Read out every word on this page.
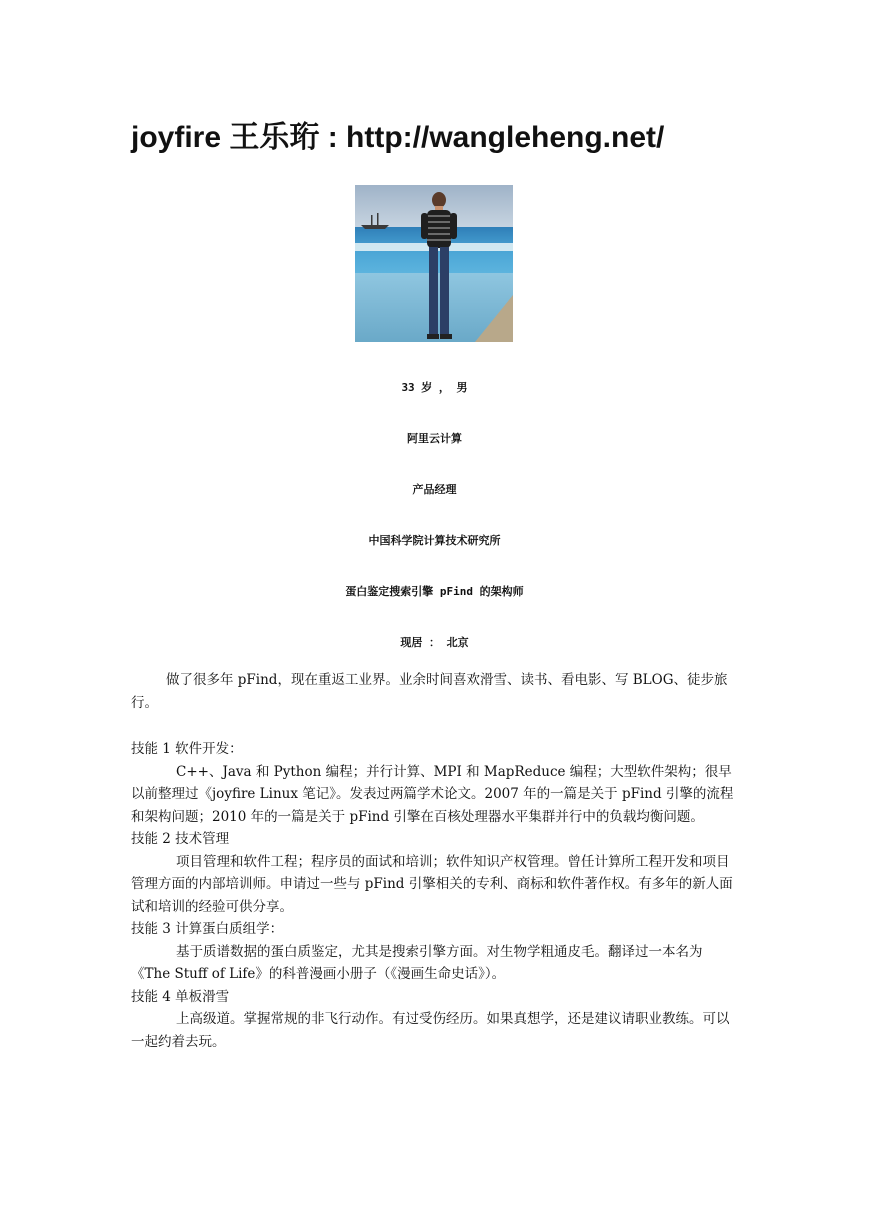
joyfire 王乐珩 : http://wangleheng.net/
33 岁 ， 男
阿里云计算
产品经理
中国科学院计算技术研究所
蛋白鉴定搜索引擎 pFind 的架构师
现居 ： 北京

做了很多年 pFind，现在重返工业界。业余时间喜欢滑雪、读书、看电影、写 BLOG、徒步旅行。

技能 1 软件开发：

C++、Java 和 Python 编程；并行计算、MPI 和 MapReduce 编程；大型软件架构；很早以前整理过《joyfire Linux 笔记》。发表过两篇学术论文。2007 年的一篇是关于 pFind 引擎的流程和架构问题；2010 年的一篇是关于 pFind 引擎在百核处理器水平集群并行中的负载均衡问题。

技能 2 技术管理

项目管理和软件工程；程序员的面试和培训；软件知识产权管理。曾任计算所工程开发和项目管理方面的内部培训师。申请过一些与 pFind 引擎相关的专利、商标和软件著作权。有多年的新人面试和培训的经验可供分享。

技能 3 计算蛋白质组学：

基于质谱数据的蛋白质鉴定，尤其是搜索引擎方面。对生物学粗通皮毛。翻译过一本名为《The Stuff of Life》的科普漫画小册子（《漫画生命史话》）。

技能 4 单板滑雪

上高级道。掌握常规的非飞行动作。有过受伤经历。如果真想学，还是建议请职业教练。可以一起约着去玩。
